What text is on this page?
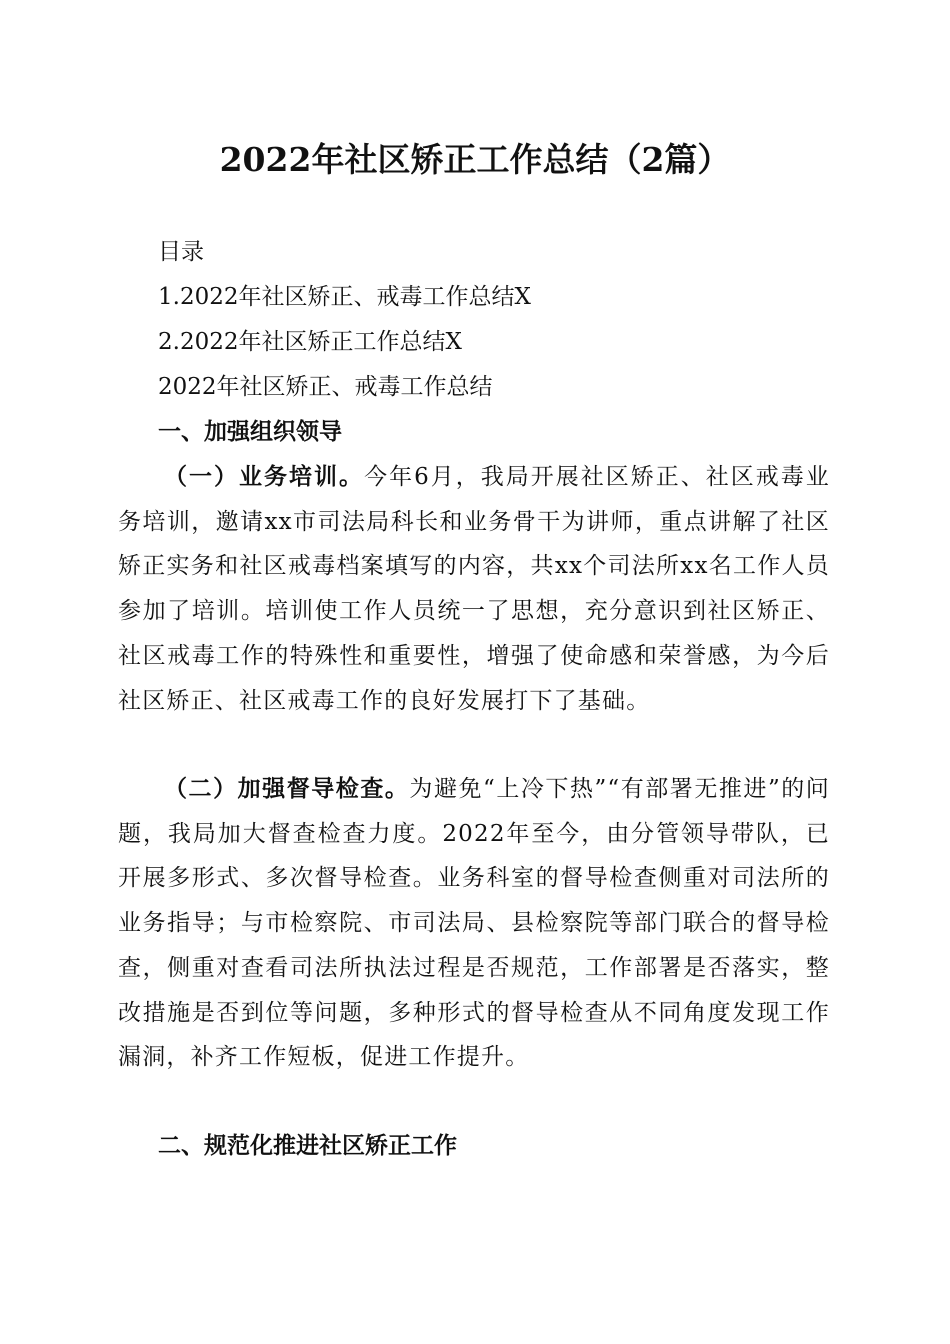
2022年社区矫正工作总结（2篇）

目录

1.2022年社区矫正、戒毒工作总结X

2.2022年社区矫正工作总结X

2022年社区矫正、戒毒工作总结

一、加强组织领导

（一）业务培训。今年6月，我局开展社区矫正、社区戒毒业务培训，邀请xx市司法局科长和业务骨干为讲师，重点讲解了社区矫正实务和社区戒毒档案填写的内容，共xx个司法所xx名工作人员参加了培训。培训使工作人员统一了思想，充分意识到社区矫正、社区戒毒工作的特殊性和重要性，增强了使命感和荣誉感，为今后社区矫正、社区戒毒工作的良好发展打下了基础。

（二）加强督导检查。为避免“上冷下热”“有部署无推进”的问题，我局加大督查检查力度。2022年至今，由分管领导带队，已开展多形式、多次督导检查。业务科室的督导检查侧重对司法所的业务指导；与市检察院、市司法局、县检察院等部门联合的督导检查，侧重对查看司法所执法过程是否规范，工作部署是否落实，整改措施是否到位等问题，多种形式的督导检查从不同角度发现工作漏洞，补齐工作短板，促进工作提升。

二、规范化推进社区矫正工作
